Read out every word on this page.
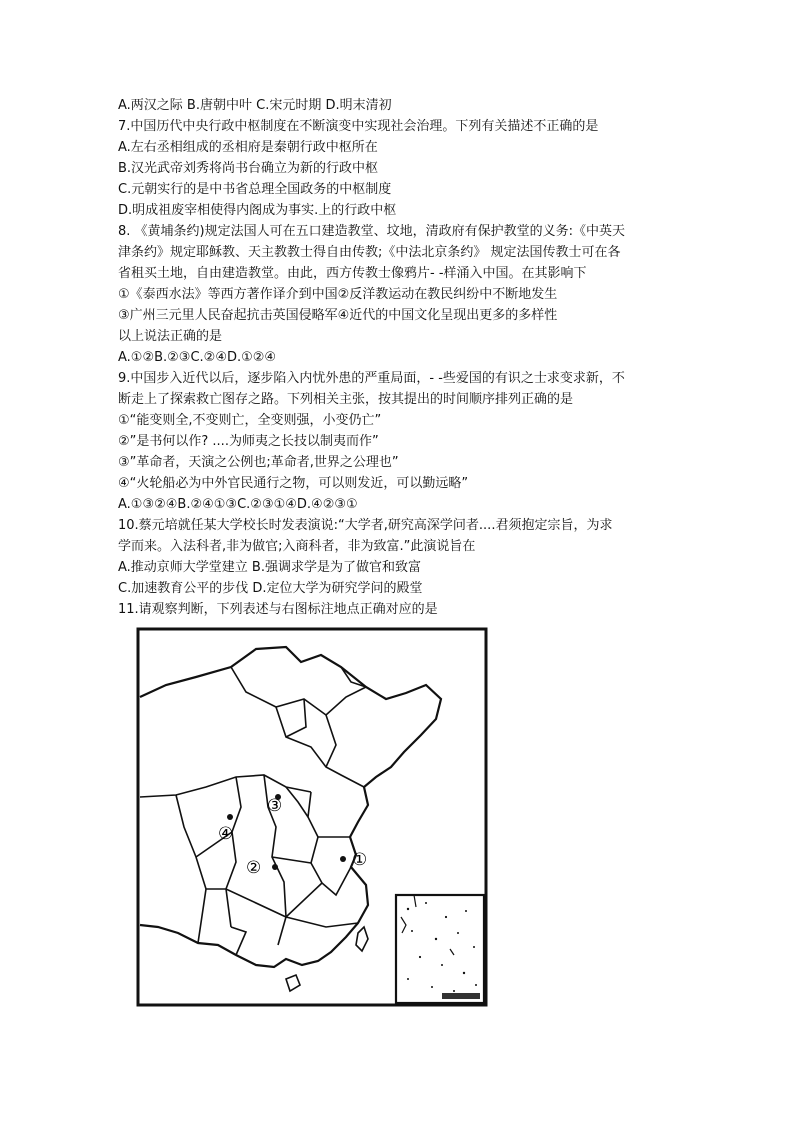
A.两汉之际 B.唐朝中叶 C.宋元时期 D.明末清初
7.中国历代中央行政中枢制度在不断演变中实现社会治理。下列有关描述不正确的是
A.左右丞相组成的丞相府是秦朝行政中枢所在
B.汉光武帝刘秀将尚书台确立为新的行政中枢
C.元朝实行的是中书省总理全国政务的中枢制度
D.明成祖废宰相使得内阁成为事实.上的行政中枢
8. 《黄埔条约)规定法国人可在五口建造教堂、坟地，清政府有保护教堂的义务:《中英天
津条约》规定耶稣教、天主教教士得自由传教;《中法北京条约》 规定法国传教士可在各
省租买土地，自由建造教堂。由此，西方传教士像鸦片- -样涌入中国。在其影响下
①《泰西水法》等西方著作译介到中国②反洋教运动在教民纠纷中不断地发生
③广州三元里人民奋起抗击英国侵略军④近代的中国文化呈现出更多的多样性
以上说法正确的是
A.①②B.②③C.②④D.①②④
9.中国步入近代以后，逐步陷入内忧外患的严重局面，- -些爱国的有识之士求变求新，不
断走上了探索救亡图存之路。下列相关主张，按其提出的时间顺序排列正确的是
①“能变则全,不变则亡，全变则强，小变仍亡”
②”是书何以作? ....为师夷之长技以制夷而作”
③”革命者，天演之公例也;革命者,世界之公理也”
④“火轮船必为中外官民通行之物，可以则发近，可以勤远略”
A.①③②④B.②④①③C.②③①④D.④②③①
10.蔡元培就任某大学校长时发表演说:“大学者,研究高深学问者....君须抱定宗旨，为求
学而来。入法科者,非为做官;入商科者，非为致富.”此演说旨在
A.推动京师大学堂建立 B.强调求学是为了做官和致富
C.加速教育公平的步伐 D.定位大学为研究学问的殿堂
11.请观察判断，下列表述与右图标注地点正确对应的是
①
②
③
④
